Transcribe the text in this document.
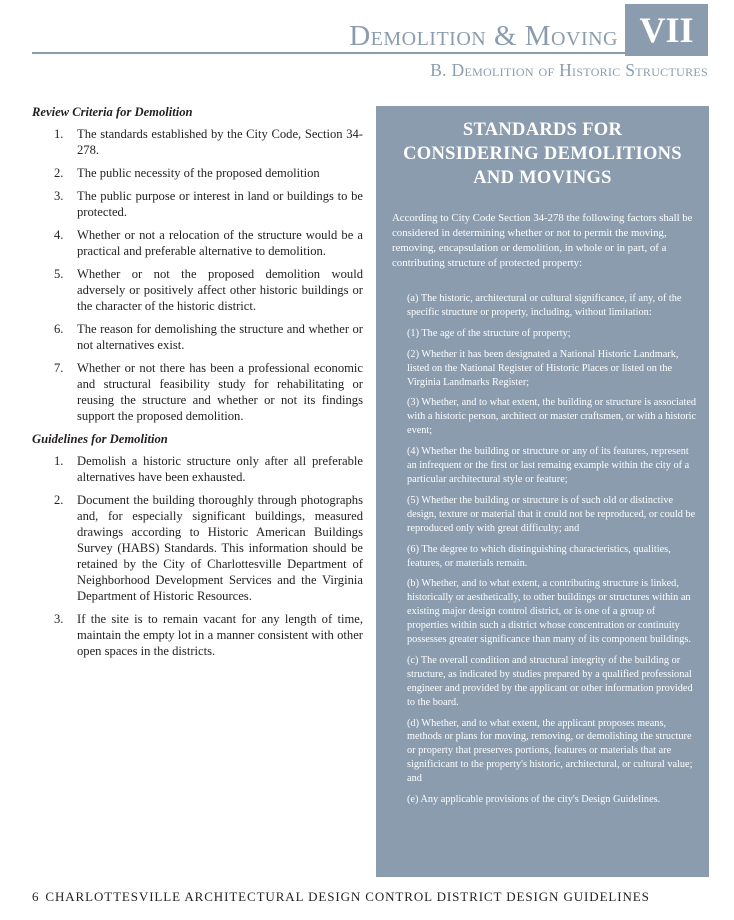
Demolition & Moving VII
B. Demolition of Historic Structures
Review Criteria for Demolition
1. The standards established by the City Code, Section 34-278.
2. The public necessity of the proposed demolition
3. The public purpose or interest in land or buildings to be protected.
4. Whether or not a relocation of the structure would be a practical and preferable alternative to demolition.
5. Whether or not the proposed demolition would adversely or positively affect other historic buildings or the character of the historic district.
6. The reason for demolishing the structure and whether or not alternatives exist.
7. Whether or not there has been a professional economic and structural feasibility study for rehabilitating or reusing the structure and whether or not its findings support the proposed demolition.
Guidelines for Demolition
1. Demolish a historic structure only after all preferable alternatives have been exhausted.
2. Document the building thoroughly through photographs and, for especially significant buildings, measured drawings according to Historic American Buildings Survey (HABS) Standards. This information should be retained by the City of Charlottesville Department of Neighborhood Development Services and the Virginia Department of Historic Resources.
3. If the site is to remain vacant for any length of time, maintain the empty lot in a manner consistent with other open spaces in the districts.
STANDARDS FOR
CONSIDERING DEMOLITIONS
AND MOVINGS
According to City Code Section 34-278 the following factors shall be considered in determining whether or not to permit the moving, removing, encapsulation or demolition, in whole or in part, of a contributing structure of protected property:

(a) The historic, architectural or cultural significance, if any, of the specific structure or property, including, without limitation:

(1) The age of the structure of property;

(2) Whether it has been designated a National Historic Landmark, listed on the National Register of Historic Places or listed on the Virginia Landmarks Register;

(3) Whether, and to what extent, the building or structure is associated with a historic person, architect or master craftsmen, or with a historic event;

(4) Whether the building or structure or any of its features, represent an infrequent or the first or last remaing example within the city of a particular architectural style or feature;

(5) Whether the building or structure is of such old or distinctive design, texture or material that it could not be reproduced, or could be reproduced only with great difficulty; and

(6) The degree to which distinguishing characteristics, qualities, features, or materials remain.

(b) Whether, and to what extent, a contributing structure is linked, historically or aesthetically, to other buildings or structures within an existing major design control district, or is one of a group of properties within such a district whose concentration or continuity possesses greater significance than many of its component buildings.

(c) The overall condition and structural integrity of the building or structure, as indicated by studies prepared by a qualified professional engineer and provided by the applicant or other information provided to the board.

(d) Whether, and to what extent, the applicant proposes means, methods or plans for moving, removing, or demolishing the structure or property that preserves portions, features or materials that are significicant to the property's historic, architectural, or cultural value; and

(e) Any applicable provisions of the city's Design Guidelines.

6 CHARLOTTESVILLE ARCHITECTURAL DESIGN CONTROL DISTRICT DESIGN GUIDELINES
